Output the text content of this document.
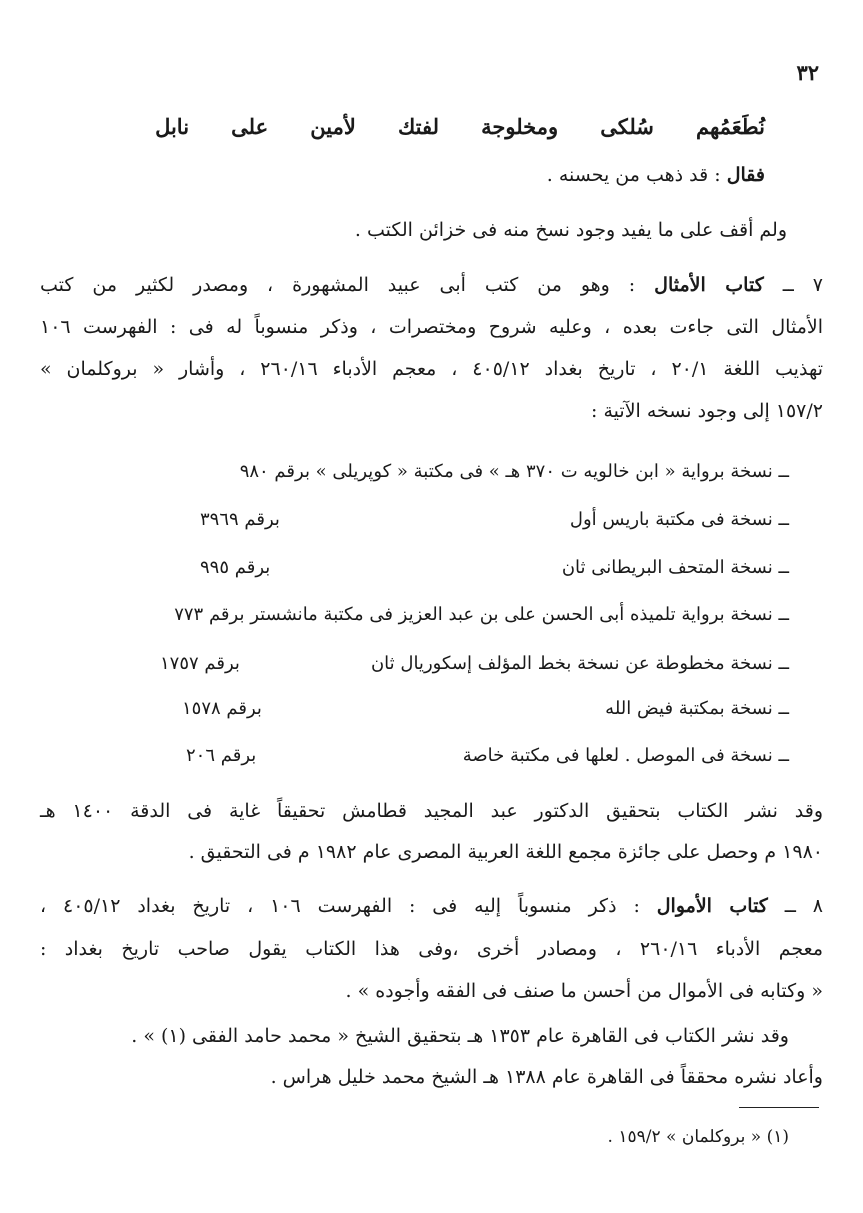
٣٢
نُطَعَمُهم
سُلكى
ومخلوجة
لفتك
لأمين
على
نابل
فقال : قد ذهب من يحسنه .
ولم أقف على ما يفيد وجود نسخ منه فى خزائن الكتب .
٧ ــ كتاب الأمثال : وهو من كتب أبى عبيد المشهورة ، ومصدر لكثير من كتب
الأمثال التى جاءت بعده ، وعليه شروح ومختصرات ، وذكر منسوباً له فى : الفهرست ١٠٦
تهذيب اللغة ٢٠/١ ، تاريخ بغداد ٤٠٥/١٢ ، معجم الأدباء ٢٦٠/١٦ ، وأشار « بروكلمان »
١٥٧/٢ إلى وجود نسخه الآتية :
ــ نسخة برواية « ابن خالويه ت ٣٧٠ هـ » فى مكتبة « كوپريلى » برقم ٩٨٠
ــ نسخة فى مكتبة باريس أول
برقم ٣٩٦٩
ــ نسخة المتحف البريطانى ثان
برقم ٩٩٥
ــ نسخة برواية تلميذه أبى الحسن على بن عبد العزيز فى مكتبة مانشستر برقم ٧٧٣
ــ نسخة مخطوطة عن نسخة بخط المؤلف إسكوريال ثان
برقم ١٧٥٧
ــ نسخة بمكتبة فيض الله
برقم ١٥٧٨
ــ نسخة فى الموصل . لعلها فى مكتبة خاصة
برقم ٢٠٦
وقد نشر الكتاب بتحقيق الدكتور عبد المجيد قطامش تحقيقاً غاية فى الدقة ١٤٠٠ هـ
١٩٨٠ م وحصل على جائزة مجمع اللغة العربية المصرى عام ١٩٨٢ م فى التحقيق .
٨ ــ كتاب الأموال : ذكر منسوباً إليه فى : الفهرست ١٠٦ ، تاريخ بغداد ٤٠٥/١٢ ،
معجم الأدباء ٢٦٠/١٦ ، ومصادر أخرى ،وفى هذا الكتاب يقول صاحب تاريخ بغداد :
« وكتابه فى الأموال من أحسن ما صنف فى الفقه وأجوده » .
وقد نشر الكتاب فى القاهرة عام ١٣٥٣ هـ بتحقيق الشيخ « محمد حامد الفقى (١) » .
وأعاد نشره محققاً فى القاهرة عام ١٣٨٨ هـ الشيخ محمد خليل هراس .
(١) « بروكلمان » ١٥٩/٢ .
